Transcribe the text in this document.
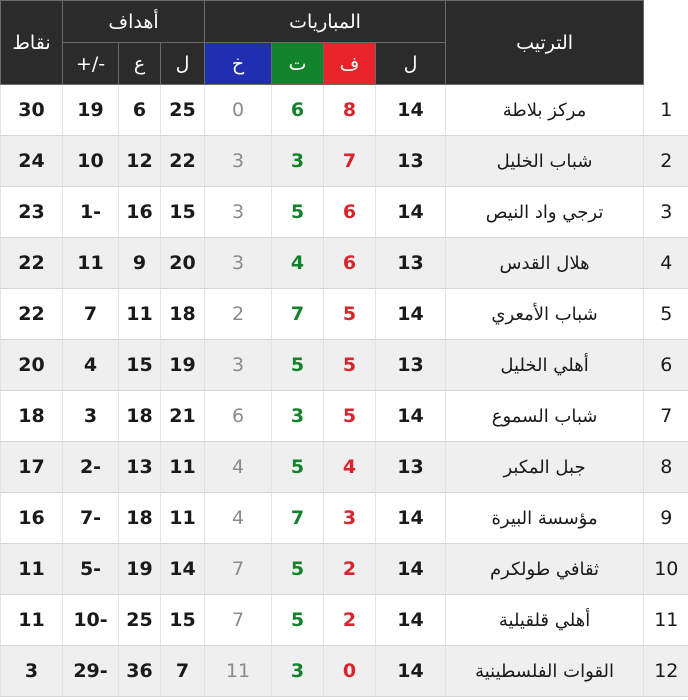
نقاط	أهداف			المباريات				الترتيب	
	+/-	ع	ل	خ	ت	ف	ل		
30	19	6	25	0	6	8	14	مركز بلاطة	1
24	10	12	22	3	3	7	13	شباب الخليل	2
23	1-	16	15	3	5	6	14	ترجي واد النيص	3
22	11	9	20	3	4	6	13	هلال القدس	4
22	7	11	18	2	7	5	14	شباب الأمعري	5
20	4	15	19	3	5	5	13	أهلي الخليل	6
18	3	18	21	6	3	5	14	شباب السموع	7
17	2-	13	11	4	5	4	13	جبل المكبر	8
16	7-	18	11	4	7	3	14	مؤسسة البيرة	9
11	5-	19	14	7	5	2	14	ثقافي طولكرم	10
11	10-	25	15	7	5	2	14	أهلي قلقيلية	11
3	29-	36	7	11	3	0	14	القوات الفلسطينية	12
